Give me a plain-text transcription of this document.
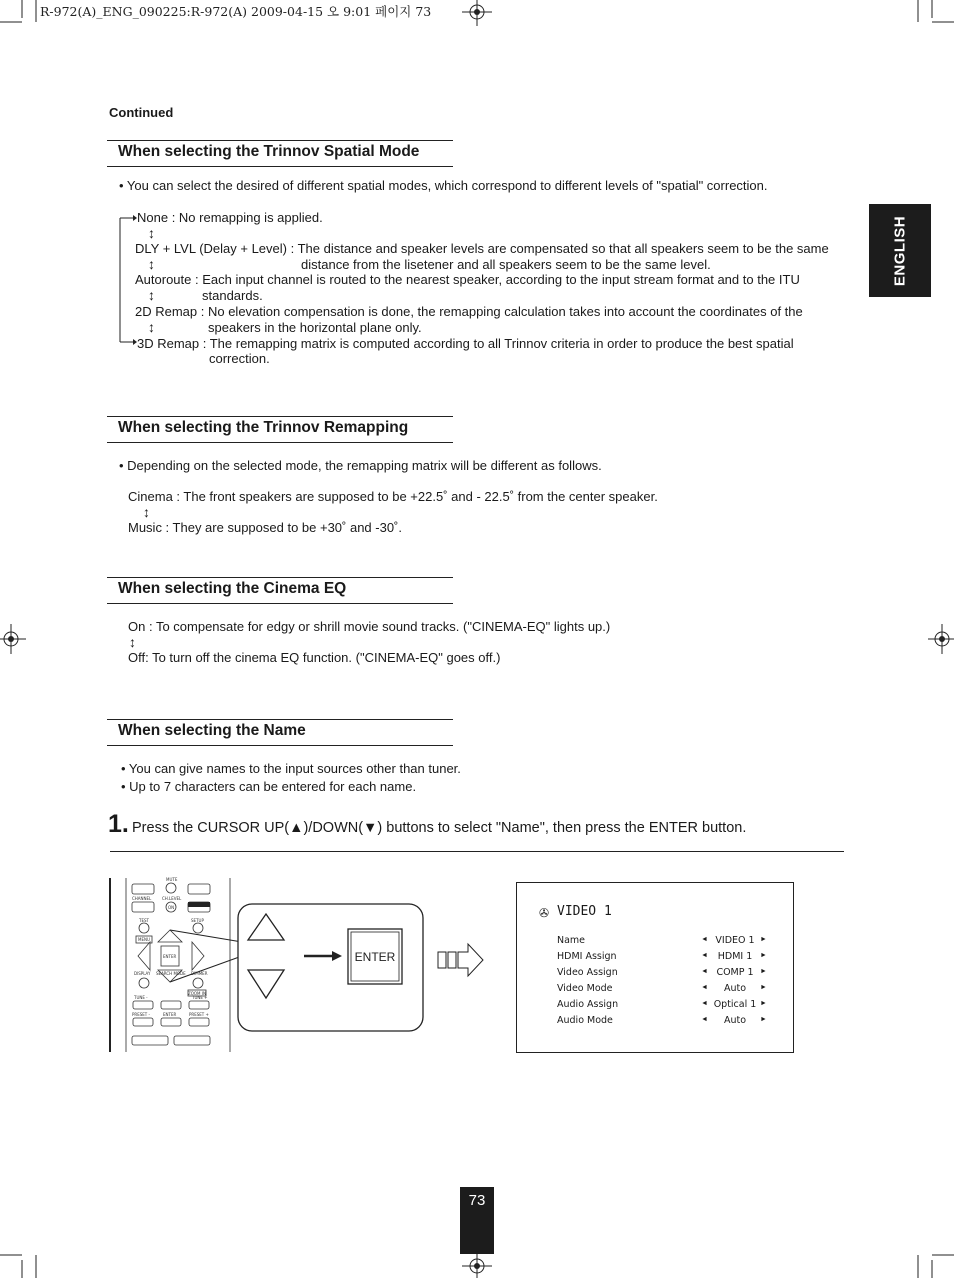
R-972(A)_ENG_090225:R-972(A) 2009-04-15 오 9:01 페이지 73
Continued
ENGLISH
When selecting the Trinnov Spatial Mode
• You can select the desired of different spatial modes, which correspond to different levels of "spatial" correction.
None : No remapping is applied.
↕
DLY + LVL (Delay + Level) : The distance and speaker levels are compensated so that all speakers seem to be the same
↕	distance from the lisetener and all speakers seem to be the same level.
Autoroute : Each input channel is routed to the nearest speaker, according to the input stream format and to the ITU
↕	standards.
2D Remap : No elevation compensation is done, the remapping calculation takes into account the coordinates of the
↕	speakers in the horizontal plane only.
3D Remap : The remapping matrix is computed according to all Trinnov criteria in order to produce the best spatial
correction.
When selecting the Trinnov Remapping
• Depending on the selected mode, the remapping matrix will be different as follows.
Cinema : The front speakers are supposed to be +22.5˚ and - 22.5˚ from the center speaker.
↕
Music : They are supposed to be +30˚ and -30˚.
When selecting the Cinema EQ
On : To compensate for edgy or shrill movie sound tracks. ("CINEMA-EQ" lights up.)
↕
Off: To turn off the cinema EQ function. ("CINEMA-EQ" goes off.)
When selecting the Name
• You can give names to the input sources other than tuner.
• Up to 7 characters can be entered for each name.
1. Press the CURSOR UP(▲)/DOWN(▼) buttons to select "Name", then press the ENTER button.
MUTE
CHANNEL	CH.LEVEL VOLUME
ON
TEST	SETUP
MENU
ENTER
DISPLAY SEARCH MODE DIMMER
ZOOM IN
TUNE -	TUNE +
PRESET -	ENTER	PRESET +
ENTER
✇ VIDEO 1
Name	◄ VIDEO 1 ►
HDMI Assign	◄	HDMI 1	►
Video Assign	◄ COMP 1 ►
Video Mode	◄	Auto	►
Audio Assign	◄ Optical 1 ►
Audio Mode	◄	Auto	►
73
